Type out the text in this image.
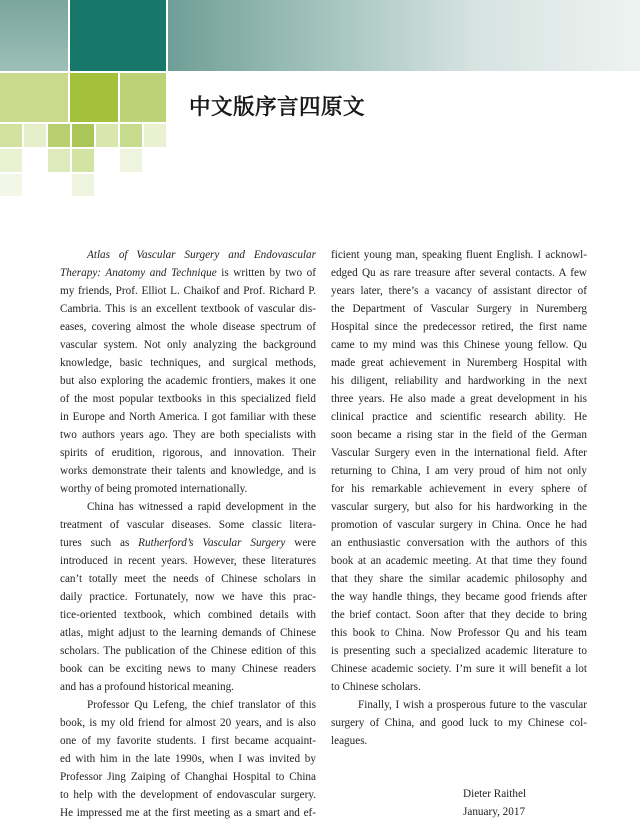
中文版序言四原文
Atlas of Vascular Surgery and Endovascular
Therapy: Anatomy and Technique is written by two of
my friends, Prof. Elliot L. Chaikof and Prof. Richard P.
Cambria. This is an excellent textbook of vascular dis-
eases, covering almost the whole disease spectrum of
vascular system. Not only analyzing the background
knowledge, basic techniques, and surgical methods,
but also exploring the academic frontiers, makes it one
of the most popular textbooks in this specialized field
in Europe and North America. I got familiar with these
two authors years ago. They are both specialists with
spirits of erudition, rigorous, and innovation. Their
works demonstrate their talents and knowledge, and is
worthy of being promoted internationally.
China has witnessed a rapid development in the
treatment of vascular diseases. Some classic litera-
tures such as Rutherford’s Vascular Surgery were
introduced in recent years. However, these literatures
can’t totally meet the needs of Chinese scholars in
daily practice. Fortunately, now we have this prac-
tice-oriented textbook, which combined details with
atlas, might adjust to the learning demands of Chinese
scholars. The publication of the Chinese edition of this
book can be exciting news to many Chinese readers
and has a profound historical meaning.
Professor Qu Lefeng, the chief translator of this
book, is my old friend for almost 20 years, and is also
one of my favorite students. I first became acquaint-
ed with him in the late 1990s, when I was invited by
Professor Jing Zaiping of Changhai Hospital to China
to help with the development of endovascular surgery.
He impressed me at the first meeting as a smart and ef-
ficient young man, speaking fluent English. I acknowl-
edged Qu as rare treasure after several contacts. A few
years later, there’s a vacancy of assistant director of
the Department of Vascular Surgery in Nuremberg
Hospital since the predecessor retired, the first name
came to my mind was this Chinese young fellow. Qu
made great achievement in Nuremberg Hospital with
his diligent, reliability and hardworking in the next
three years. He also made a great development in his
clinical practice and scientific research ability. He
soon became a rising star in the field of the German
Vascular Surgery even in the international field. After
returning to China, I am very proud of him not only
for his remarkable achievement in every sphere of
vascular surgery, but also for his hardworking in the
promotion of vascular surgery in China. Once he had
an enthusiastic conversation with the authors of this
book at an academic meeting. At that time they found
that they share the similar academic philosophy and
the way handle things, they became good friends after
the brief contact. Soon after that they decide to bring
this book to China. Now Professor Qu and his team
is presenting such a specialized academic literature to
Chinese academic society. I’m sure it will benefit a lot
to Chinese scholars.
Finally, I wish a prosperous future to the vascular
surgery of China, and good luck to my Chinese col-
leagues.
Dieter Raithel
January, 2017
